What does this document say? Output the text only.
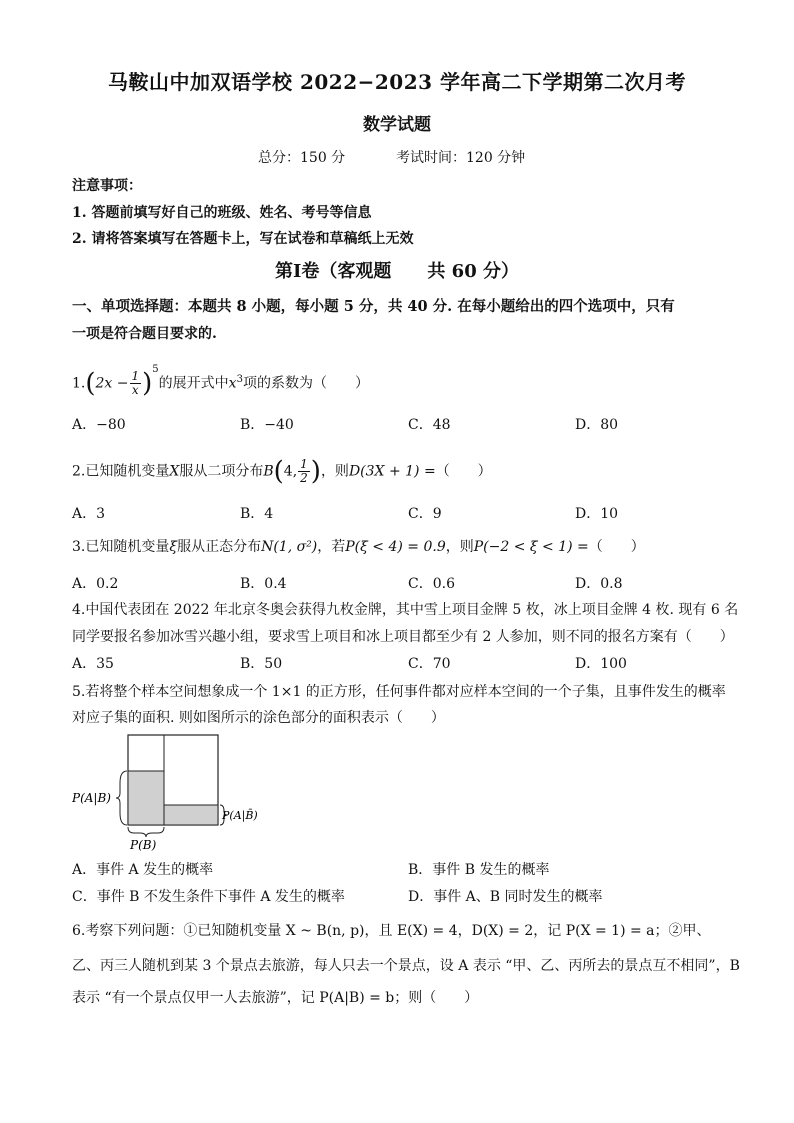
马鞍山中加双语学校 2022−2023 学年高二下学期第二次月考
数学试题
总分：150 分	考试时间：120 分钟
注意事项：
1. 答题前填写好自己的班级、姓名、考号等信息
2. 请将答案填写在答题卡上，写在试卷和草稿纸上无效
第Ⅰ卷（客观题　　共 60 分）
一、单项选择题：本题共 8 小题，每小题 5 分，共 40 分. 在每小题给出的四个选项中，只有
一项是符合题目要求的.
$1.(2x - \frac{1}{x} )^5$的展开式中$x^3$项的系数为（　　）
A．−80	B．−40	C．48	D．80
2.已知随机变量X服从二项分布B(4, $\frac{1}{2}$ )，则D(3X + 1) =（　　）
A．3	B．4	C．9	D．10
3.已知随机变量ξ服从正态分布N(1, σ²)，若P(ξ < 4) = 0.9，则P(−2 < ξ < 1) =（　　）
A．0.2	B．0.4	C．0.6	D．0.8
4.中国代表团在 2022 年北京冬奥会获得九枚金牌，其中雪上项目金牌 5 枚，冰上项目金牌 4 枚. 现有 6 名
同学要报名参加冰雪兴趣小组，要求雪上项目和冰上项目都至少有 2 人参加，则不同的报名方案有（　　）
A．35	B．50	C．70	D．100
5.若将整个样本空间想象成一个 1×1 的正方形，任何事件都对应样本空间的一个子集，且事件发生的概率
对应子集的面积. 则如图所示的涂色部分的面积表示（　　）
P(A|B)
P(B)
P(A|B̄)
A．事件 A 发生的概率	B．事件 B 发生的概率
C．事件 B 不发生条件下事件 A 发生的概率	D．事件 A、B 同时发生的概率
6.考察下列问题：①已知随机变量 X ~ B(n, p)，且 E(X) = 4，D(X) = 2，记 P(X = 1) = a；②甲、
乙、丙三人随机到某 3 个景点去旅游，每人只去一个景点，设 A 表示 “甲、乙、丙所去的景点互不相同”，B
表示 “有一个景点仅甲一人去旅游”，记 P(A|B) = b；则（　　）
